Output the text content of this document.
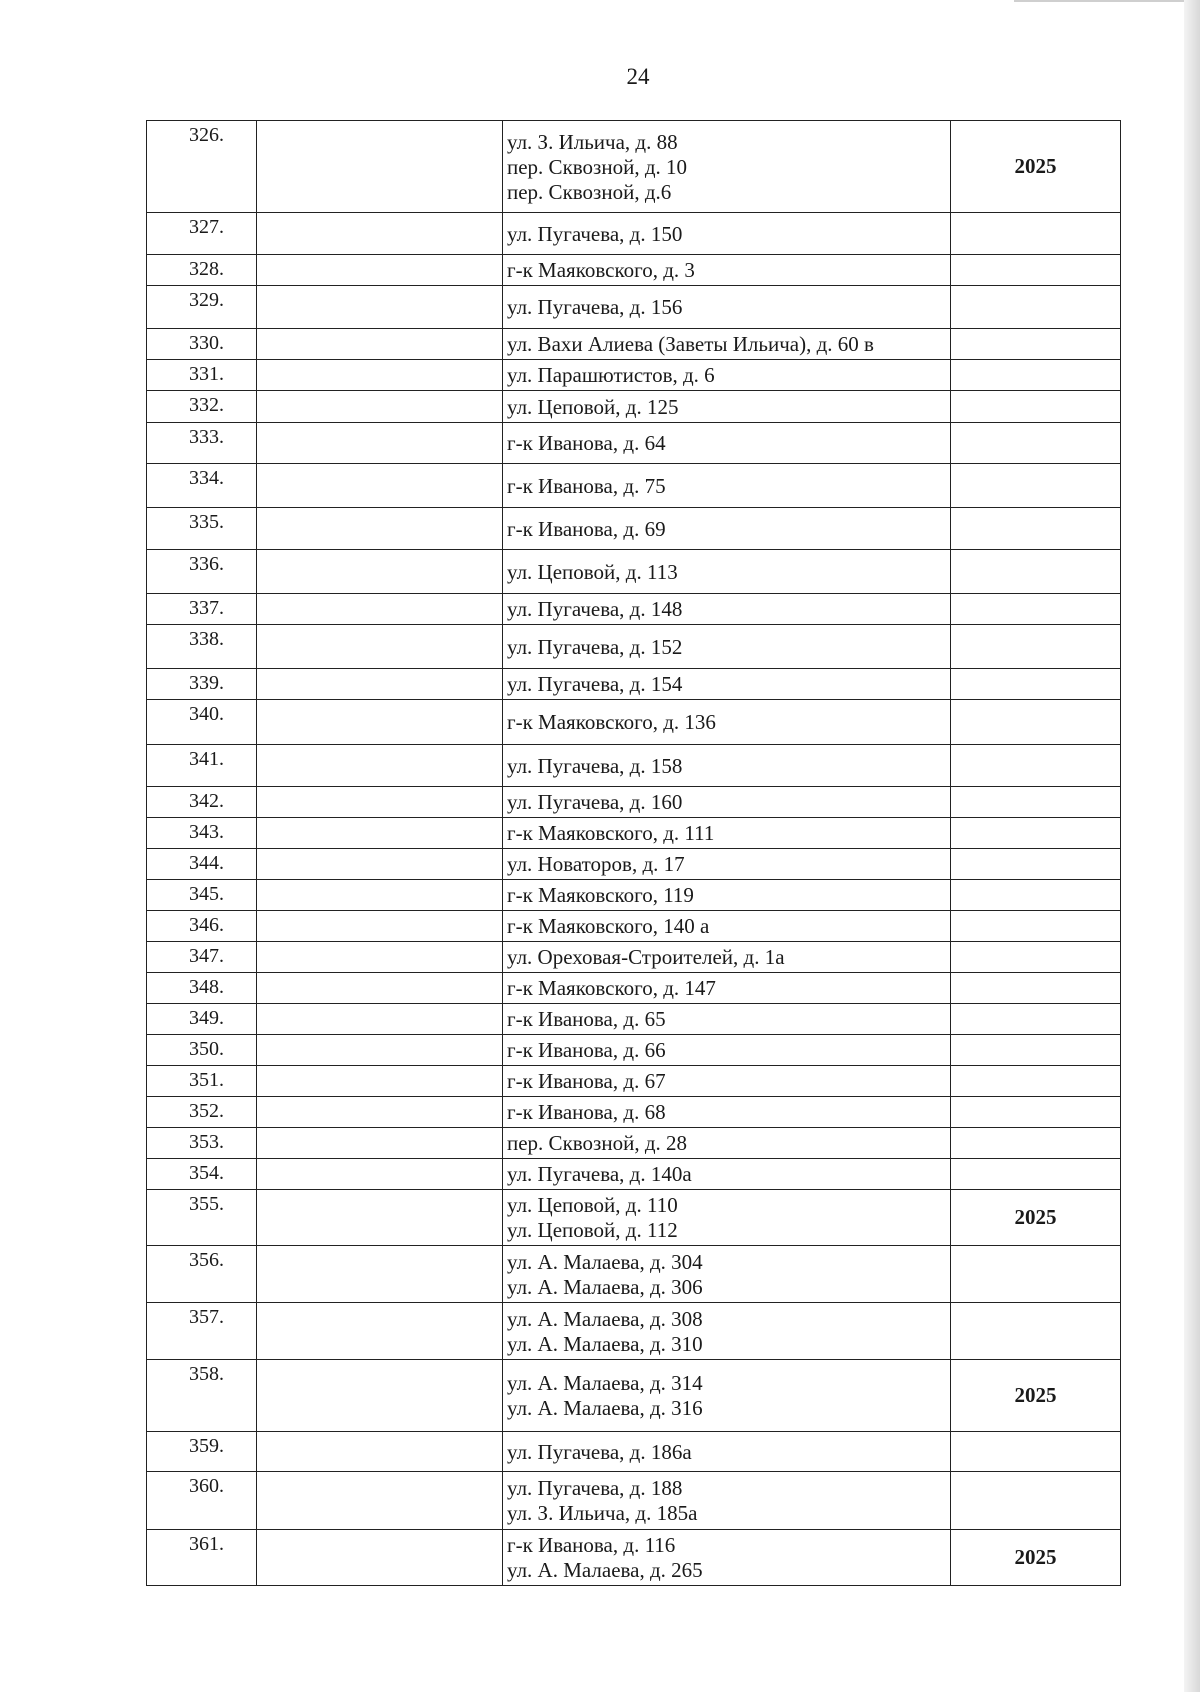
24
326.		ул. З. Ильича, д. 88
пер. Сквозной, д. 10
пер. Сквозной, д.6	2025
327.		ул. Пугачева, д. 150	

328.		г-к Маяковского, д. 3	

329.		ул. Пугачева, д. 156	

330.		ул. Вахи Алиева (Заветы Ильича), д. 60 в	

331.		ул. Парашютистов, д. 6	

332.		ул. Цеповой, д. 125	

333.		г-к Иванова, д. 64	

334.		г-к Иванова, д. 75	

335.		г-к Иванова, д. 69	

336.		ул. Цеповой, д. 113	

337.		ул. Пугачева, д. 148	

338.		ул. Пугачева, д. 152	

339.		ул. Пугачева, д. 154	

340.		г-к Маяковского, д. 136	

341.		ул. Пугачева, д. 158	

342.		ул. Пугачева, д. 160	

343.		г-к Маяковского, д. 111	

344.		ул. Новаторов, д. 17	

345.		г-к Маяковского, 119	

346.		г-к Маяковского, 140 а	

347.		ул. Ореховая-Строителей, д. 1а	

348.		г-к Маяковского, д. 147	

349.		г-к Иванова, д. 65	

350.		г-к Иванова, д. 66	

351.		г-к Иванова, д. 67	

352.		г-к Иванова, д. 68	

353.		пер. Сквозной, д. 28	

354.		ул. Пугачева, д. 140а	

355.		ул. Цеповой, д. 110
ул. Цеповой, д. 112	2025
356.		ул. А. Малаева, д. 304
ул. А. Малаева, д. 306	

357.		ул. А. Малаева, д. 308
ул. А. Малаева, д. 310	

358.		ул. А. Малаева, д. 314
ул. А. Малаева, д. 316	2025
359.		ул. Пугачева, д. 186а	

360.		ул. Пугачева, д. 188
ул. З. Ильича, д. 185а	

361.		г-к Иванова, д. 116
ул. А. Малаева, д. 265	2025
